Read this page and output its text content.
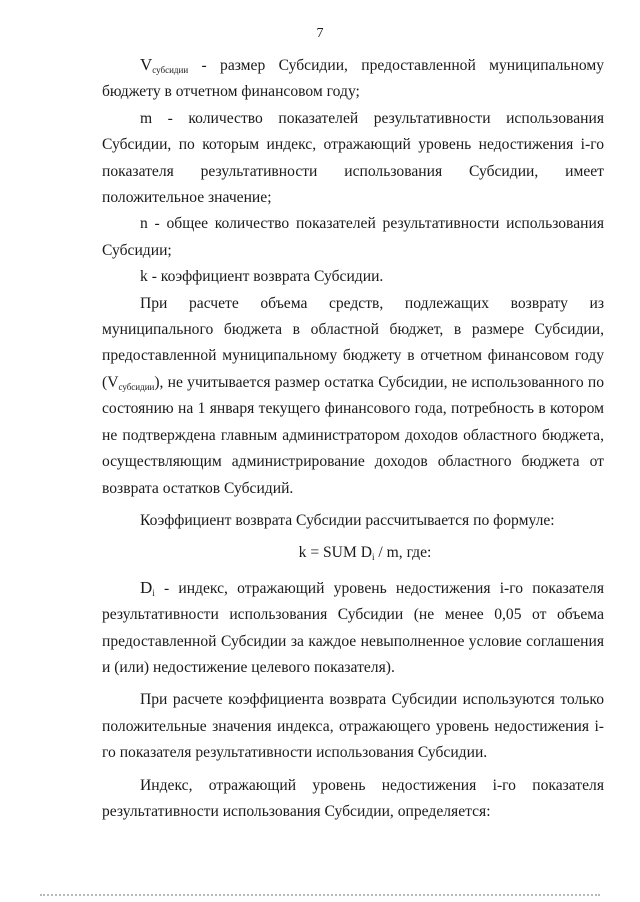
7

$V_{субсидии}$ - размер Субсидии, предоставленной муниципальному бюджету в отчетном финансовом году;

m - количество показателей результативности использования Субсидии, по которым индекс, отражающий уровень недостижения i-го показателя результативности использования Субсидии, имеет положительное значение;

n - общее количество показателей результативности использования Субсидии;

k - коэффициент возврата Субсидии.

При расчете объема средств, подлежащих возврату из муниципального бюджета в областной бюджет, в размере Субсидии, предоставленной муниципальному бюджету в отчетном финансовом году $(V_{субсидии})$, не учитывается размер остатка Субсидии, не использованного по состоянию на 1 января текущего финансового года, потребность в котором не подтверждена главным администратором доходов областного бюджета, осуществляющим администрирование доходов областного бюджета от возврата остатков Субсидий.

Коэффициент возврата Субсидии рассчитывается по формуле:

k = SUM $D_i$ / m, где:

$D_i$ - индекс, отражающий уровень недостижения i-го показателя результативности использования Субсидии (не менее 0,05 от объема предоставленной Субсидии за каждое невыполненное условие соглашения и (или) недостижение целевого показателя).

При расчете коэффициента возврата Субсидии используются только положительные значения индекса, отражающего уровень недостижения i-го показателя результативности использования Субсидии.

Индекс, отражающий уровень недостижения i-го показателя результативности использования Субсидии, определяется:
